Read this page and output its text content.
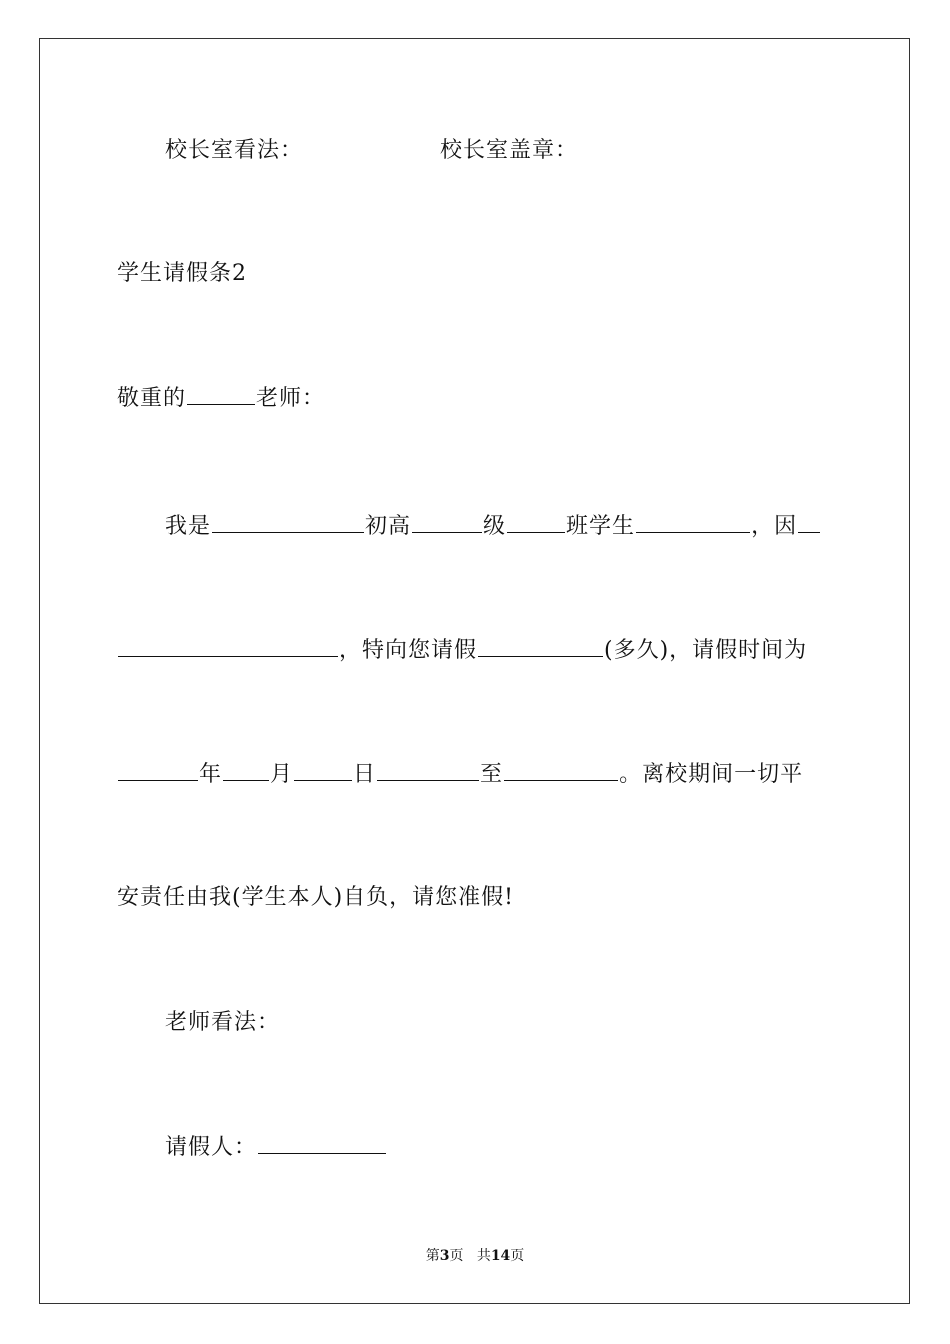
校长室看法：	校长室盖章：
学生请假条2
敬重的	老师：
我是	初高	级	班学生	，因
，特向您请假	(多久)，请假时间为
年 月	日	至	。离校期间一切平
安责任由我(学生本人)自负，请您准假!
老师看法：
请假人：
第3页 共14页
